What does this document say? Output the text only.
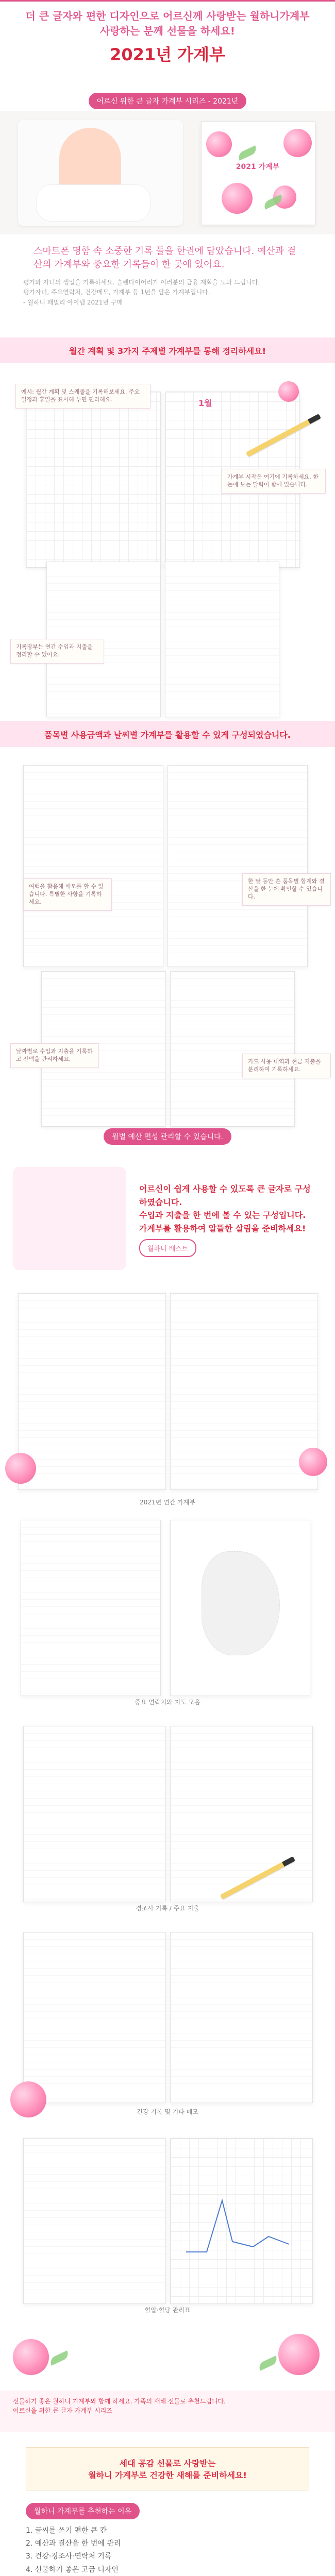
더 큰 글자와 편한 디자인으로 어르신께 사랑받는 월하니가계부

사랑하는 분께 선물을 하세요!

2021년 가계부
어르신 위한 큰 글자 가계부 시리즈 - 2021년
2021 가계부
스마트폰 명함 속 소중한 기록 들을 한권에 담았습니다. 예산과 결산의 가계부와 중요한 기록들이 한 곳에 있어요.
평가와 자녀의 생일을 기록하세요. 슬렌다이어리가 여러분의 금융 계획을 도와 드립니다.
평가자녀, 주요연락처, 건강메모, 가계부 등 1년을 담은 가계부입니다.
- 월하니 패밀리 아이템 2021년 구매
월간 계획 및 3가지 주제별 가계부를 통해 정리하세요!
1월
예시: 월간 계획 및 스케줄을 기록해보세요. 주요 일정과 휴일을 표시해 두면 편리해요.
가계부 시작은 여기에 기록하세요. 한눈에 보는 달력이 함께 있습니다.
기록장부는 연간 수입과 지출을 정리할 수 있어요.
품목별 사용금액과 날씨별 가계부를 활용할 수 있게 구성되었습니다.
여백을 활용해 메모를 할 수 있습니다. 특별한 사항을 기록하세요.
한 달 동안 쓴 품목별 합계와 결산을 한 눈에 확인할 수 있습니다.
날짜별로 수입과 지출을 기록하고 잔액을 관리하세요.	카드 사용 내역과 현금 지출을 분리하여 기록하세요.
월별 예산 편성 관리할 수 있습니다.
어르신이 쉽게 사용할 수 있도록 큰 글자로 구성하였습니다.
수입과 지출을 한 번에 볼 수 있는 구성입니다.
가계부를 활용하여 알뜰한 살림을 준비하세요!
월하니 베스트
2021년 연간 가계부
중요 연락처와 지도 모음
경조사 기록 / 주요 지출
건강 기록 및 기타 메모
혈압·혈당 관리표
선물하기 좋은 월하니 가계부와 함께 하세요. 가족의 새해 선물로 추천드립니다.
어르신을 위한 큰 글자 가계부 시리즈
세대 공감 선물로 사랑받는
월하니 가계부로 건강한 새해를 준비하세요!
월하니 가계부를 추천하는 이유
1. 글씨를 쓰기 편한 큰 칸
2. 예산과 결산을 한 번에 관리
3. 건강·경조사·연락처 기록
4. 선물하기 좋은 고급 디자인
